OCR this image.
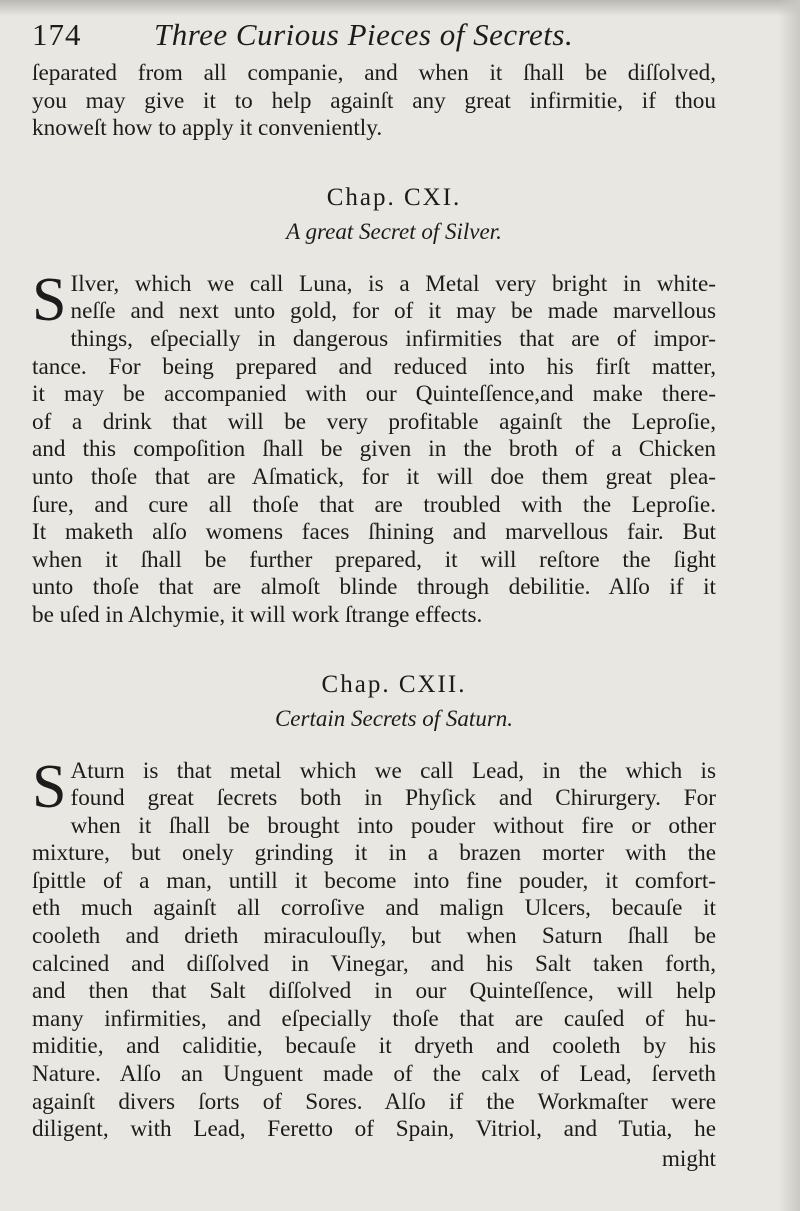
174	Three Curious Pieces of Secrets.
ſeparated from all companie, and when it ſhall be diſſolved,
you may give it to help againſt any great infirmitie, if thou
knoweſt how to apply it conveniently.
Chap. CXI.
A great Secret of Silver.
S Ilver, which we call Luna, is a Metal very bright in white-
neſſe and next unto gold, for of it may be made marvellous
things, eſpecially in dangerous infirmities that are of impor-
tance. For being prepared and reduced into his firſt matter,
it may be accompanied with our Quinteſſence,and make there-
of a drink that will be very profitable againſt the Leproſie,
and this compoſition ſhall be given in the broth of a Chicken
unto thoſe that are Aſmatick, for it will doe them great plea-
ſure, and cure all thoſe that are troubled with the Leproſie.
It maketh alſo womens faces ſhining and marvellous fair. But
when it ſhall be further prepared, it will reſtore the ſight
unto thoſe that are almoſt blinde through debilitie. Alſo if it
be uſed in Alchymie, it will work ſtrange effects.
Chap. CXII.
Certain Secrets of Saturn.
S Aturn is that metal which we call Lead, in the which is
found great ſecrets both in Phyſick and Chirurgery. For
when it ſhall be brought into pouder without fire or other
mixture, but onely grinding it in a brazen morter with the
ſpittle of a man, untill it become into fine pouder, it comfort-
eth much againſt all corroſive and malign Ulcers, becauſe it
cooleth and drieth miraculouſly, but when Saturn ſhall be
calcined and diſſolved in Vinegar, and his Salt taken forth,
and then that Salt diſſolved in our Quinteſſence, will help
many infirmities, and eſpecially thoſe that are cauſed of hu-
miditie, and caliditie, becauſe it dryeth and cooleth by his
Nature. Alſo an Unguent made of the calx of Lead, ſerveth
againſt divers ſorts of Sores. Alſo if the Workmaſter were
diligent, with Lead, Feretto of Spain, Vitriol, and Tutia, he
might
